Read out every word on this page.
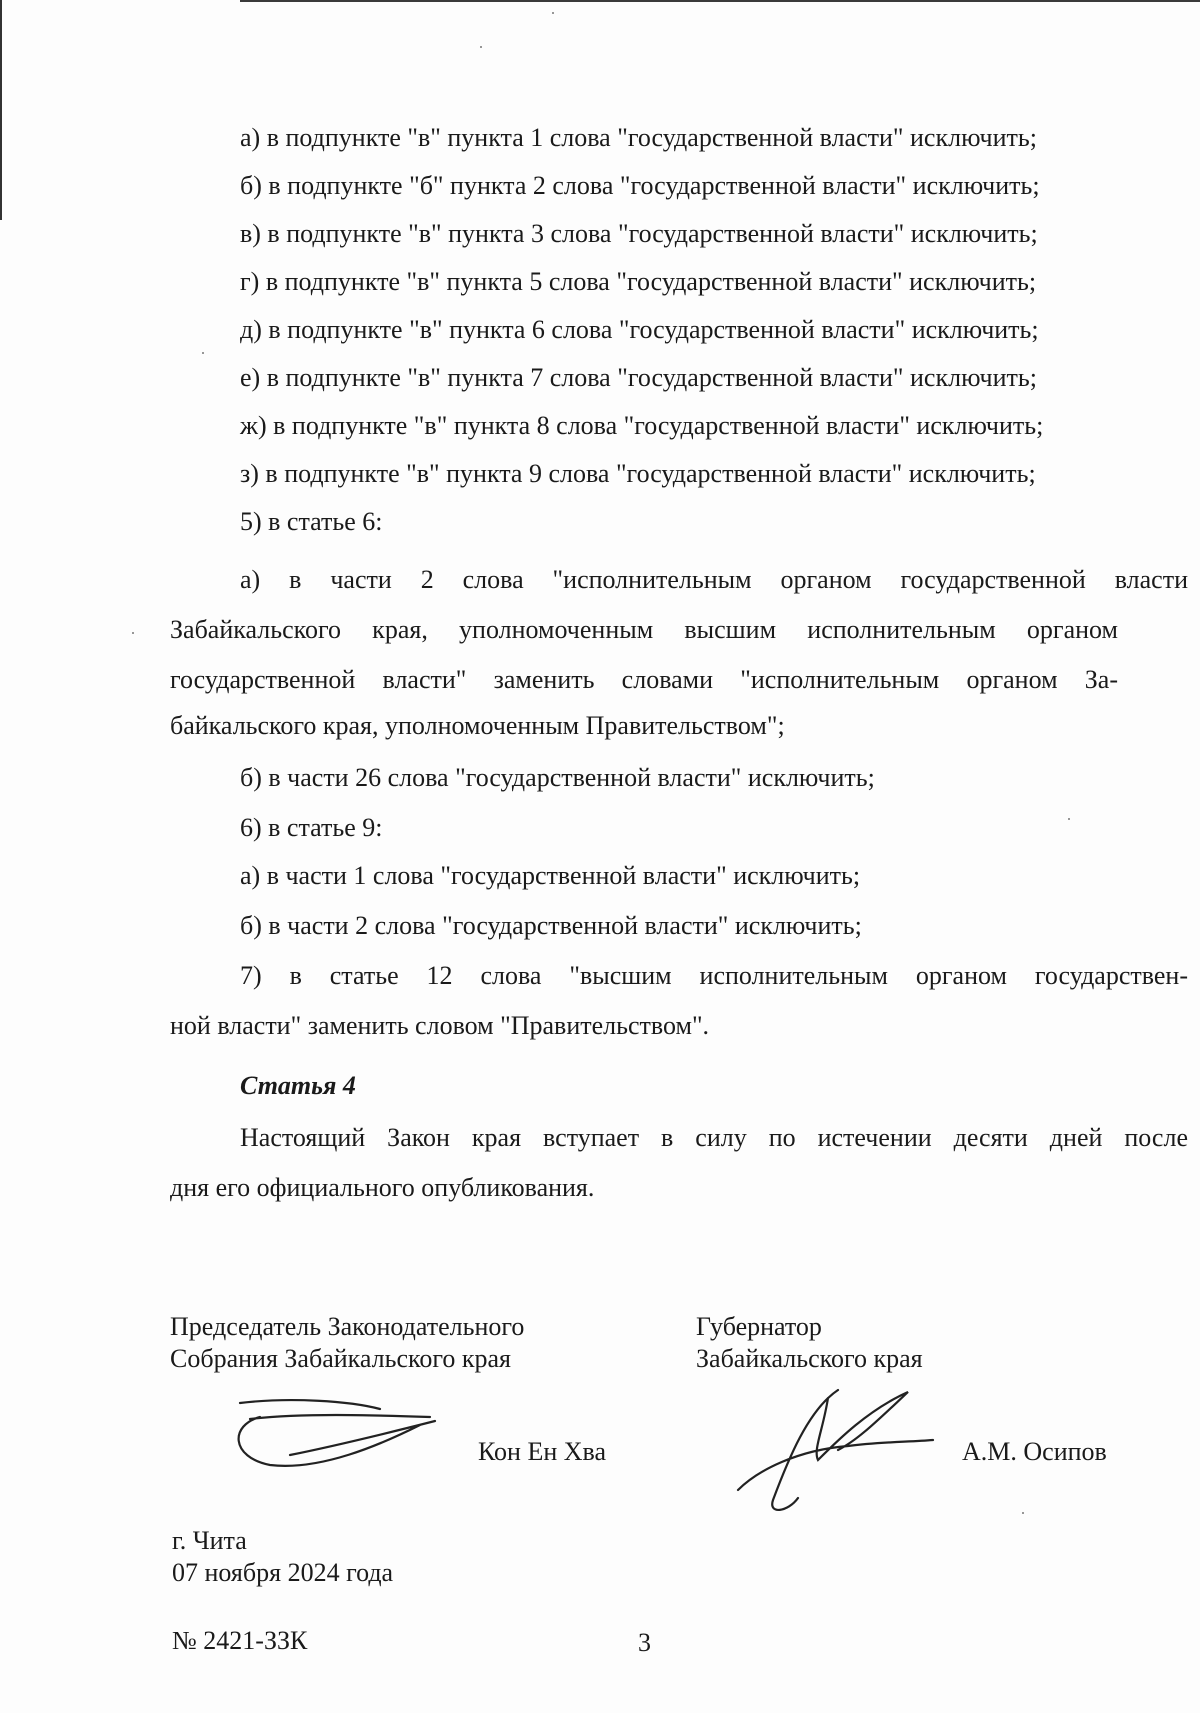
а) в подпункте "в" пункта 1 слова "государственной власти" исключить;
б) в подпункте "б" пункта 2 слова "государственной власти" исключить;
в) в подпункте "в" пункта 3 слова "государственной власти" исключить;
г) в подпункте "в" пункта 5 слова "государственной власти" исключить;
д) в подпункте "в" пункта 6 слова "государственной власти" исключить;
е) в подпункте "в" пункта 7 слова "государственной власти" исключить;
ж) в подпункте "в" пункта 8 слова "государственной власти" исключить;
з) в подпункте "в" пункта 9 слова "государственной власти" исключить;
5) в статье 6:
а) в части 2 слова "исполнительным органом государственной власти
Забайкальского края, уполномоченным высшим исполнительным органом
государственной власти" заменить словами "исполнительным органом За-
байкальского края, уполномоченным Правительством";
б) в части 26 слова "государственной власти" исключить;
6) в статье 9:
а) в части 1 слова "государственной власти" исключить;
б) в части 2 слова "государственной власти" исключить;
7) в статье 12 слова "высшим исполнительным органом государствен-
ной власти" заменить словом "Правительством".
Статья 4
Настоящий Закон края вступает в силу по истечении десяти дней после
дня его официального опубликования.
Председатель Законодательного
Собрания Забайкальского края
Кон Ен Хва
Губернатор
Забайкальского края
А.М. Осипов
г. Чита
07 ноября 2024 года
№ 2421-ЗЗК	3
